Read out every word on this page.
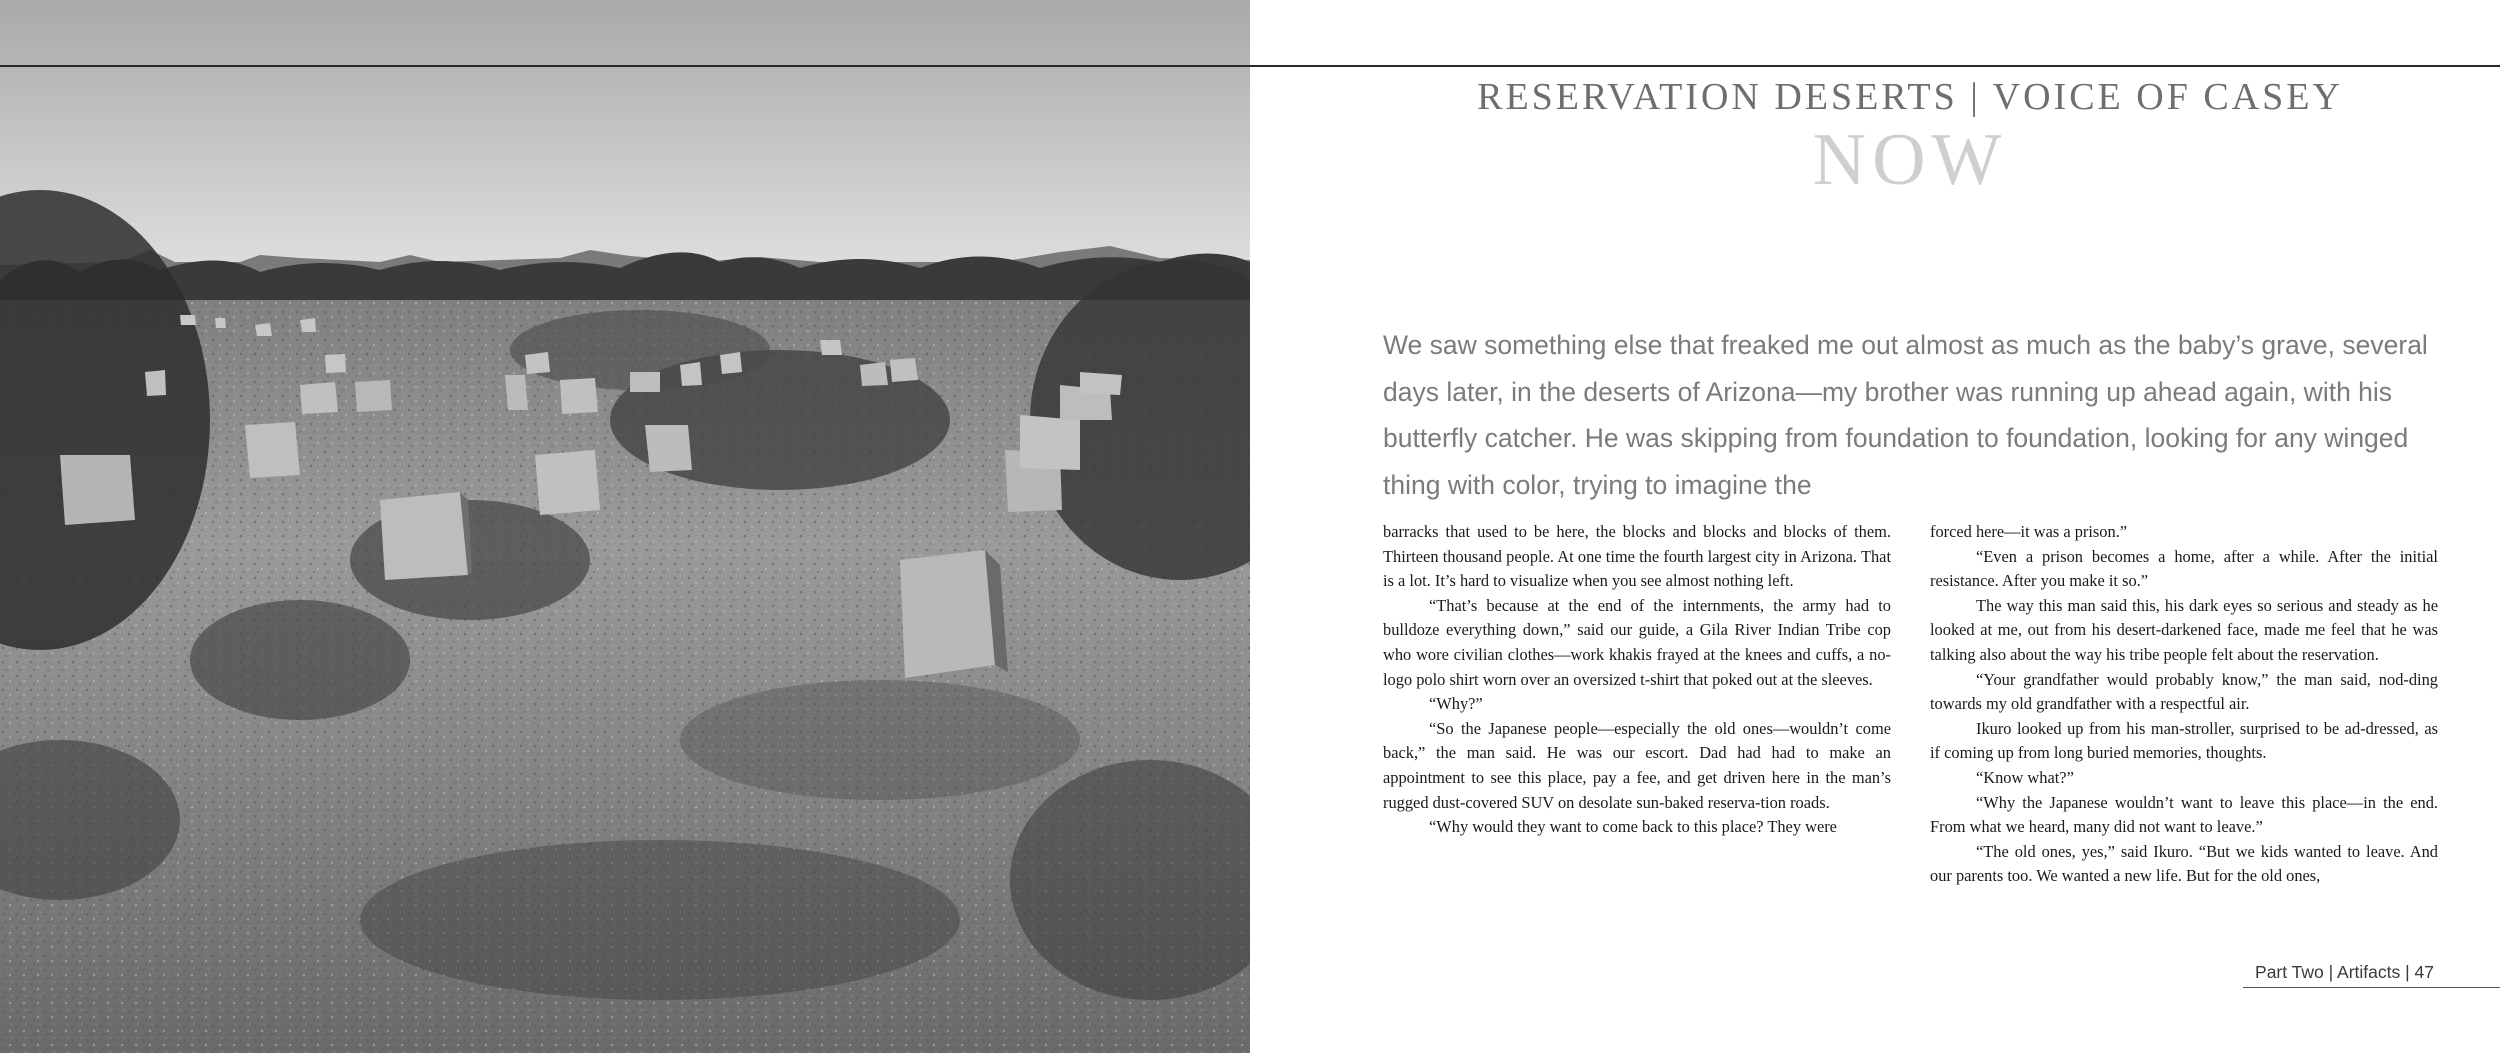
RESERVATION DESERTS | VOICE OF CASEY
NOW

We saw something else that freaked me out almost as much as the baby’s grave, several days later, in the deserts of Arizona—my brother was running up ahead again, with his butterfly catcher. He was skipping from foundation to foundation, looking for any winged thing with color, trying to imagine the

barracks that used to be here, the blocks and blocks and blocks of them. Thirteen thousand people. At one time the fourth largest city in Arizona. That is a lot. It’s hard to visualize when you see almost nothing left.

“That’s because at the end of the internments, the army had to bulldoze everything down,” said our guide, a Gila River Indian Tribe cop who wore civilian clothes—work khakis frayed at the knees and cuffs, a no-logo polo shirt worn over an oversized t-shirt that poked out at the sleeves.

“Why?”

“So the Japanese people—especially the old ones—wouldn’t come back,” the man said. He was our escort. Dad had had to make an appointment to see this place, pay a fee, and get driven here in the man’s rugged dust-covered SUV on desolate sun-baked reserva-tion roads.

“Why would they want to come back to this place? They were

forced here—it was a prison.”

“Even a prison becomes a home, after a while. After the initial resistance. After you make it so.”

The way this man said this, his dark eyes so serious and steady as he looked at me, out from his desert-darkened face, made me feel that he was talking also about the way his tribe people felt about the reservation.

“Your grandfather would probably know,” the man said, nod-ding towards my old grandfather with a respectful air.

Ikuro looked up from his man-stroller, surprised to be ad-dressed, as if coming up from long buried memories, thoughts.

“Know what?”

“Why the Japanese wouldn’t want to leave this place—in the end. From what we heard, many did not want to leave.”

“The old ones, yes,” said Ikuro. “But we kids wanted to leave. And our parents too. We wanted a new life. But for the old ones,

Part Two | Artifacts | 47
